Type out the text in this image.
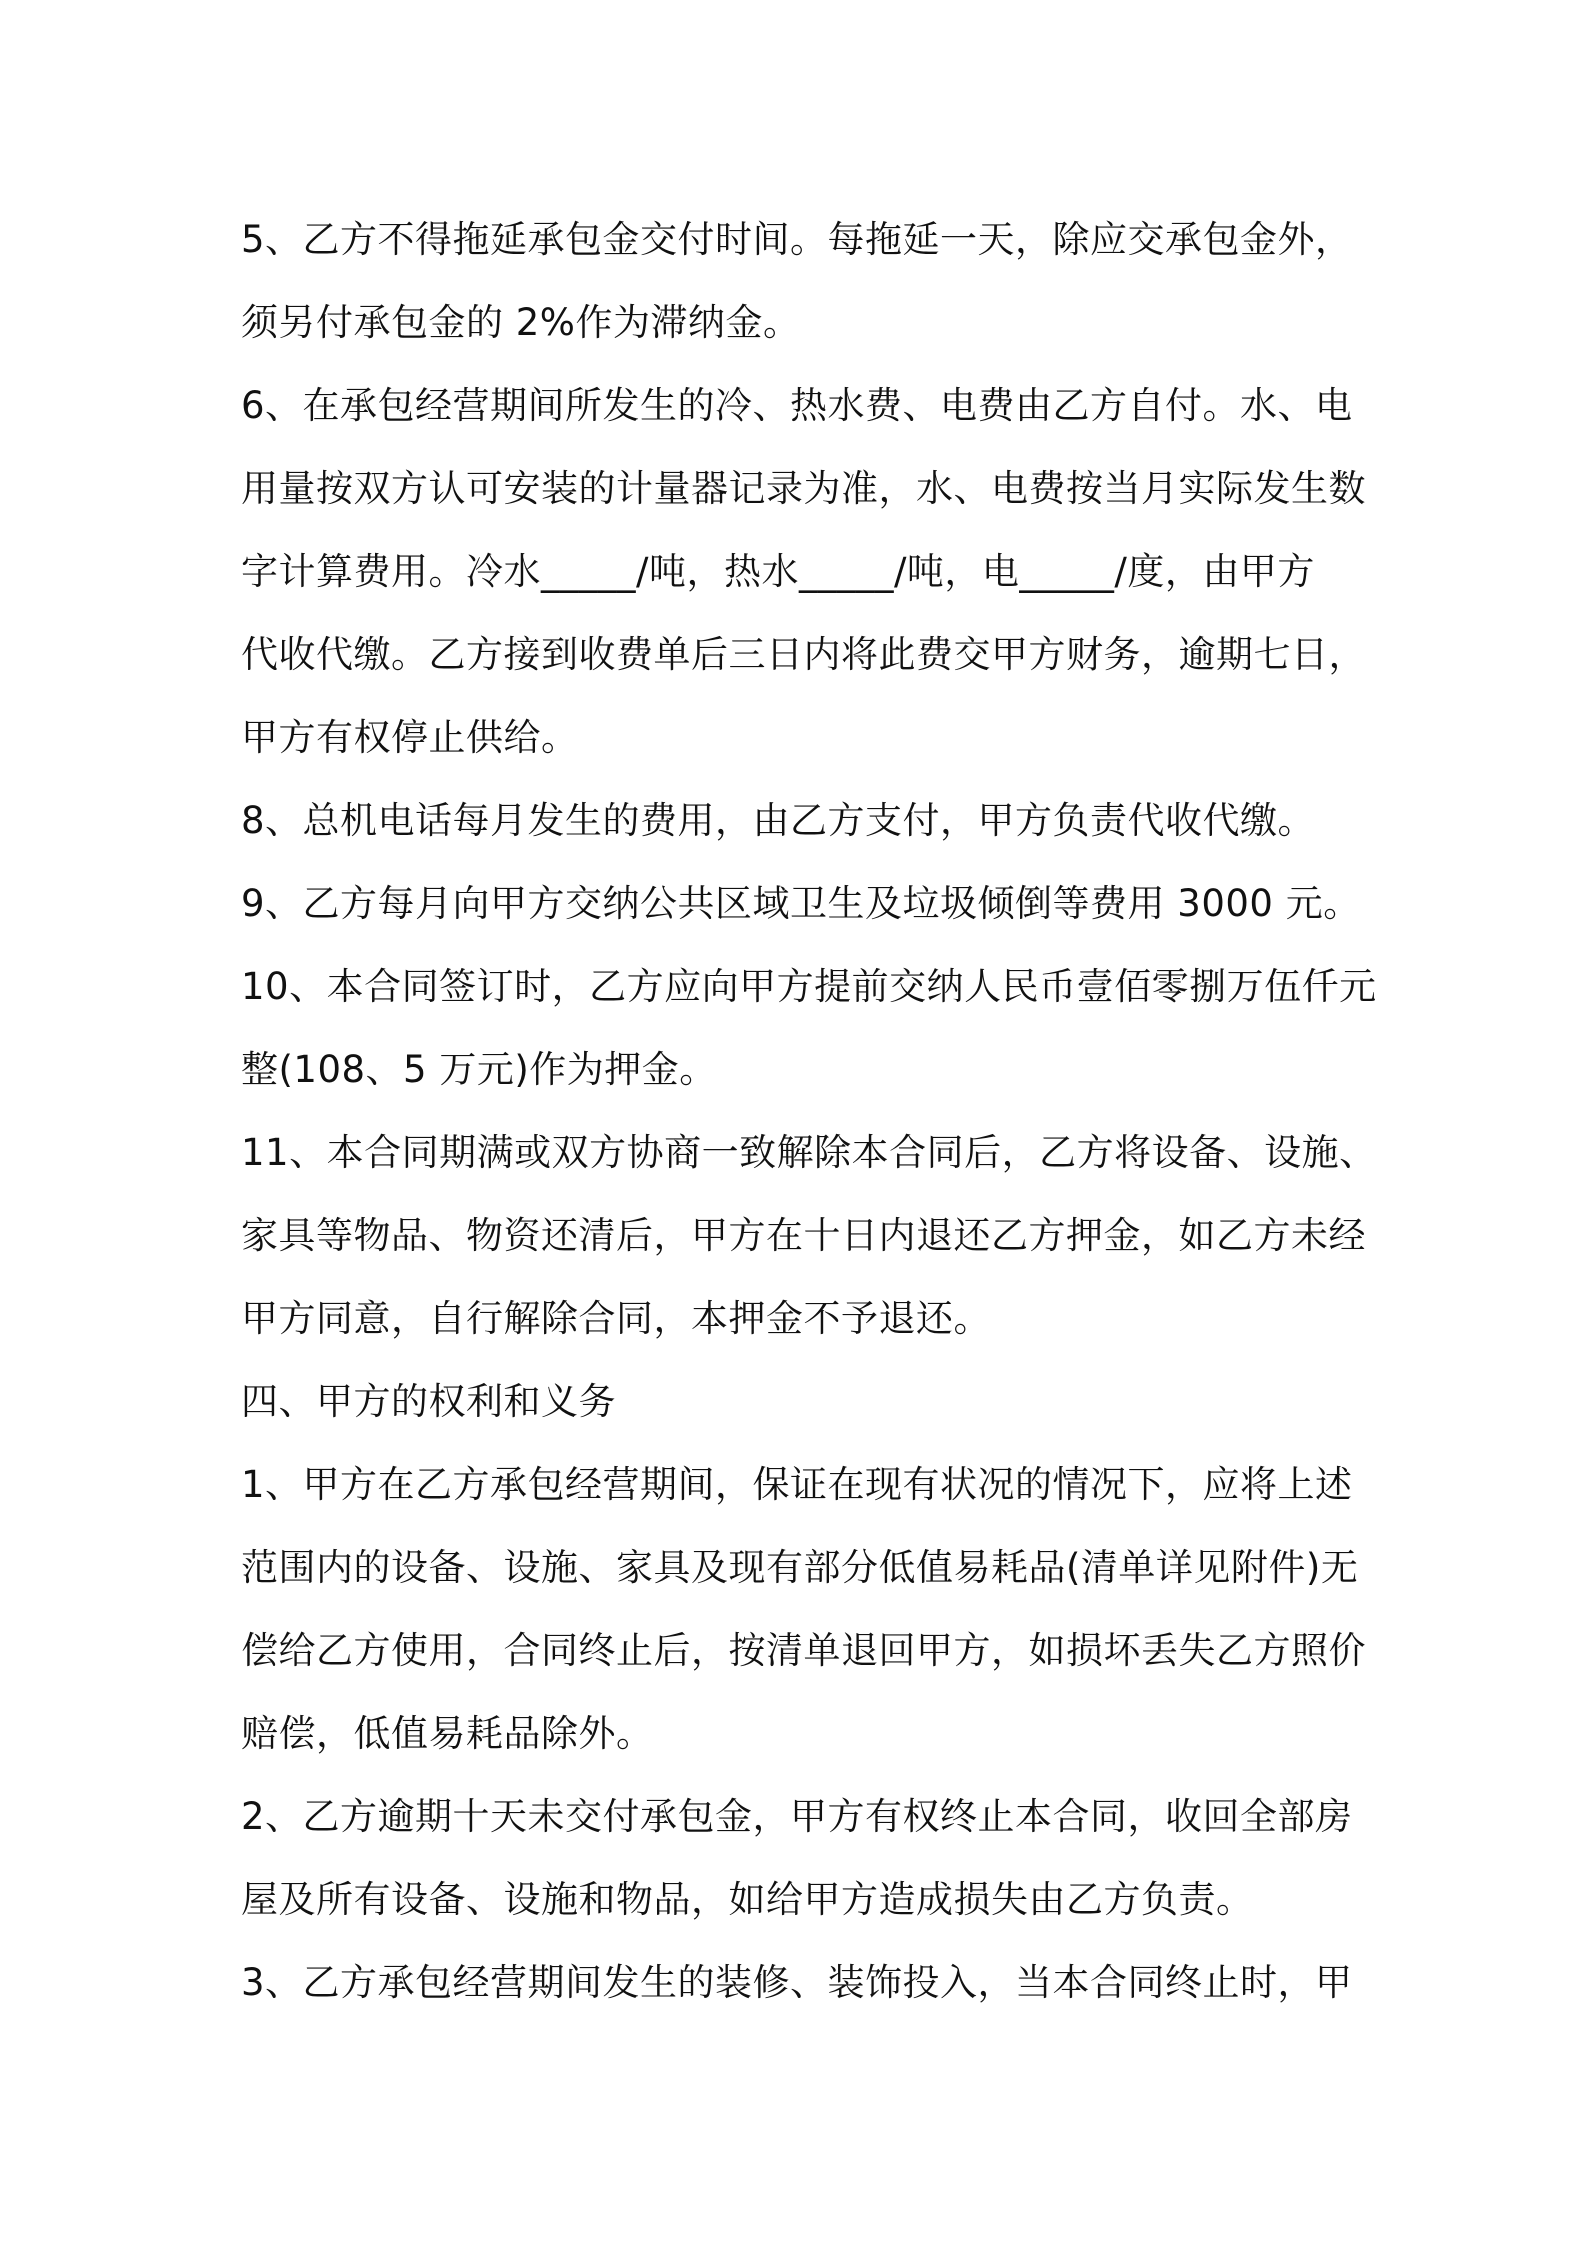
5、乙方不得拖延承包金交付时间。每拖延一天，除应交承包金外，
须另付承包金的 2%作为滞纳金。
6、在承包经营期间所发生的冷、热水费、电费由乙方自付。水、电
用量按双方认可安装的计量器记录为准，水、电费按当月实际发生数
字计算费用。冷水_____/吨，热水_____/吨，电_____/度，由甲方
代收代缴。乙方接到收费单后三日内将此费交甲方财务，逾期七日，
甲方有权停止供给。
8、总机电话每月发生的费用，由乙方支付，甲方负责代收代缴。
9、乙方每月向甲方交纳公共区域卫生及垃圾倾倒等费用 3000 元。
10、本合同签订时，乙方应向甲方提前交纳人民币壹佰零捌万伍仟元
整(108、5 万元)作为押金。
11、本合同期满或双方协商一致解除本合同后，乙方将设备、设施、
家具等物品、物资还清后，甲方在十日内退还乙方押金，如乙方未经
甲方同意，自行解除合同，本押金不予退还。
四、甲方的权利和义务
1、甲方在乙方承包经营期间，保证在现有状况的情况下，应将上述
范围内的设备、设施、家具及现有部分低值易耗品(清单详见附件)无
偿给乙方使用，合同终止后，按清单退回甲方，如损坏丢失乙方照价
赔偿，低值易耗品除外。
2、乙方逾期十天未交付承包金，甲方有权终止本合同，收回全部房
屋及所有设备、设施和物品，如给甲方造成损失由乙方负责。
3、乙方承包经营期间发生的装修、装饰投入，当本合同终止时，甲
